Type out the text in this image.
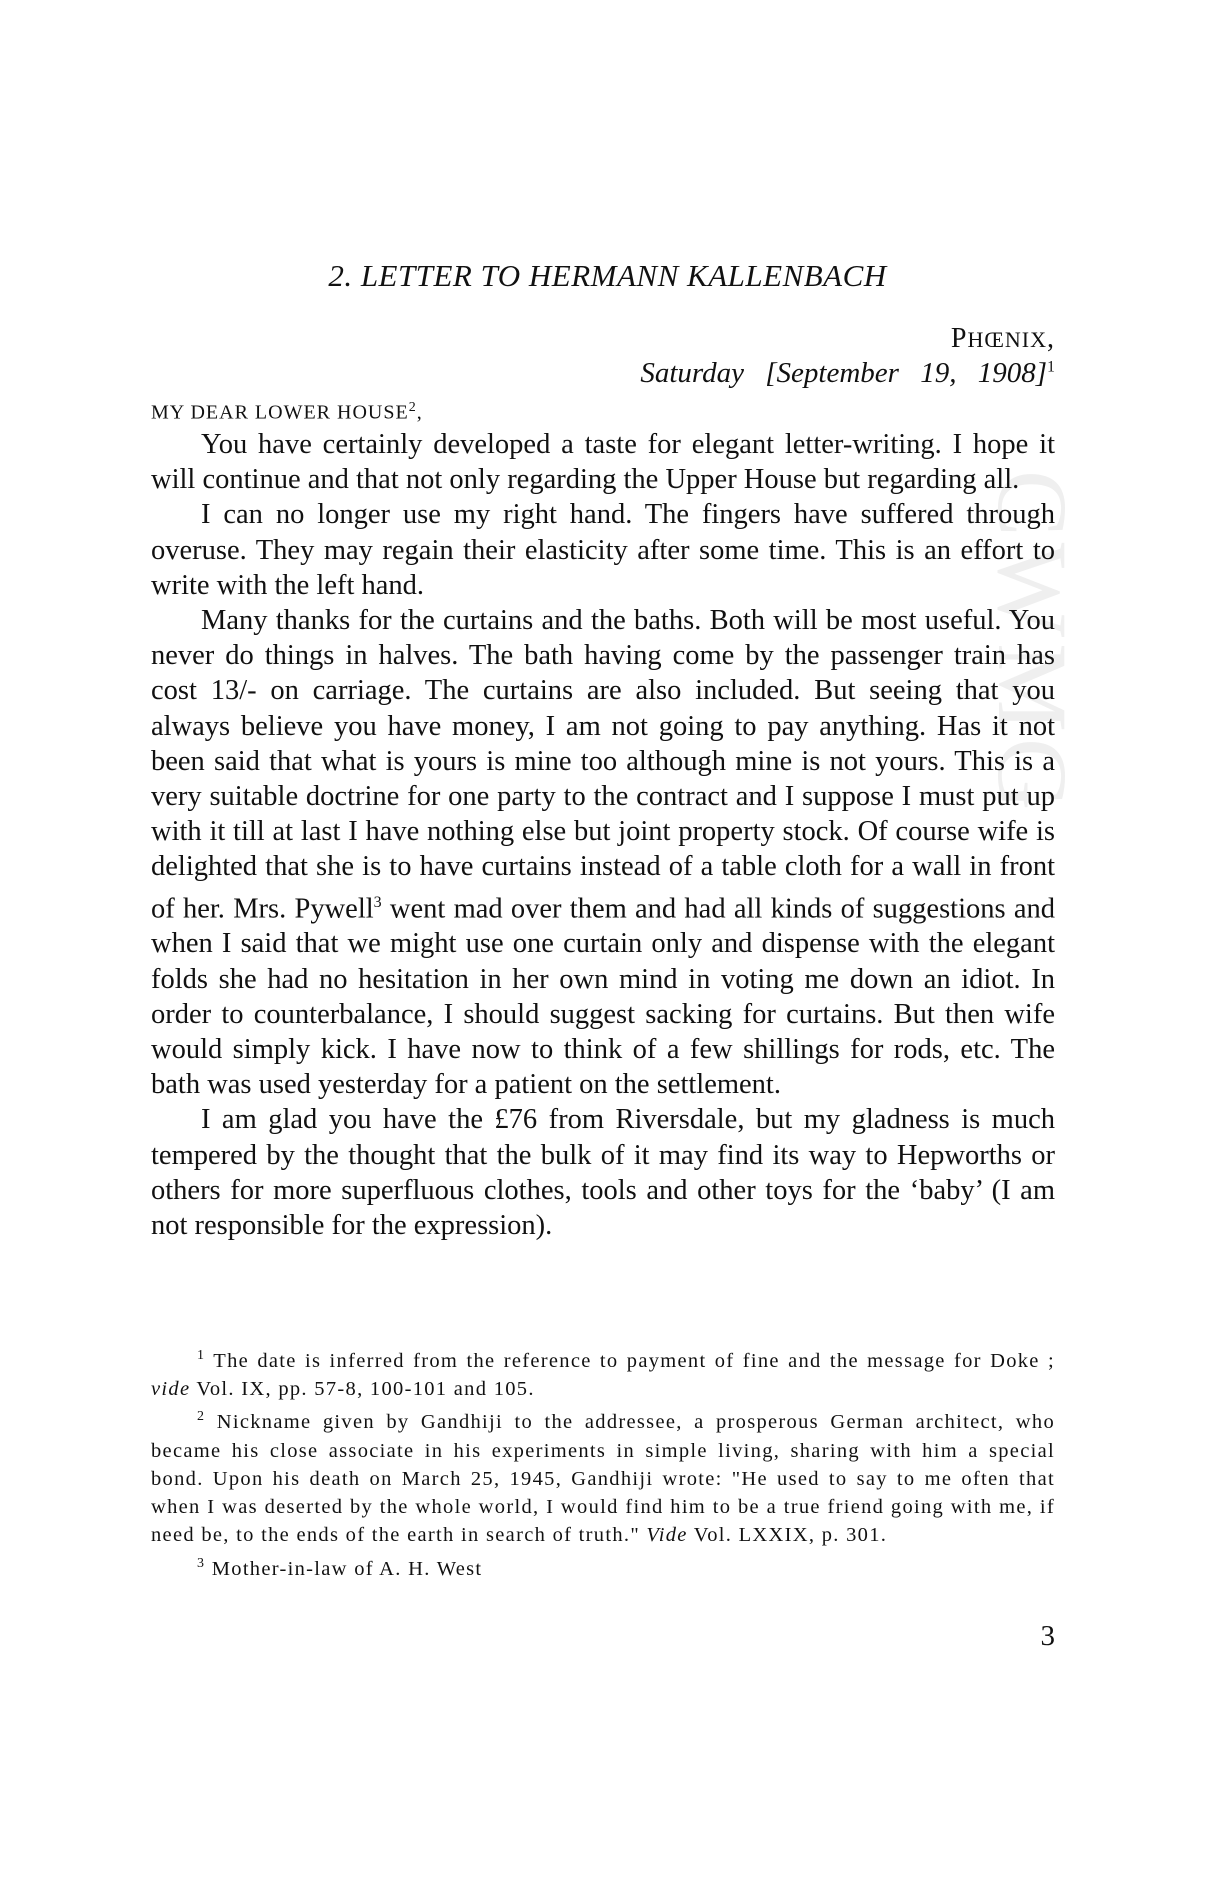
CWMG
2. LETTER TO HERMANN KALLENBACH
PHŒNIX,
Saturday [September 19, 1908]$^1$
MY DEAR LOWER HOUSE$^2$,

You have certainly developed a taste for elegant letter-writing. I hope it will continue and that not only regarding the Upper House but regarding all.

I can no longer use my right hand. The fingers have suffered through overuse. They may regain their elasticity after some time. This is an effort to write with the left hand.

Many thanks for the curtains and the baths. Both will be most useful. You never do things in halves. The bath having come by the passenger train has cost 13/- on carriage. The curtains are also included. But seeing that you always believe you have money, I am not going to pay anything. Has it not been said that what is yours is mine too although mine is not yours. This is a very suitable doctrine for one party to the contract and I suppose I must put up with it till at last I have nothing else but joint property stock. Of course wife is delighted that she is to have curtains instead of a table cloth for a wall in front of her. Mrs. Pywell$^3$ went mad over them and had all kinds of suggestions and when I said that we might use one curtain only and dispense with the elegant folds she had no hesitation in her own mind in voting me down an idiot. In order to counterbalance, I should suggest sacking for curtains. But then wife would simply kick. I have now to think of a few shillings for rods, etc. The bath was used yesterday for a patient on the settlement.

I am glad you have the £76 from Riversdale, but my gladness is much tempered by the thought that the bulk of it may find its way to Hepworths or others for more superfluous clothes, tools and other toys for the ‘baby’ (I am not responsible for the expression).

$^1$ The date is inferred from the reference to payment of fine and the message for Doke ; vide Vol. IX, pp. 57-8, 100-101 and 105.

$^2$ Nickname given by Gandhiji to the addressee, a prosperous German architect, who became his close associate in his experiments in simple living, sharing with him a special bond. Upon his death on March 25, 1945, Gandhiji wrote: "He used to say to me often that when I was deserted by the whole world, I would find him to be a true friend going with me, if need be, to the ends of the earth in search of truth." Vide Vol. LXXIX, p. 301.

$^3$ Mother-in-law of A. H. West

3
